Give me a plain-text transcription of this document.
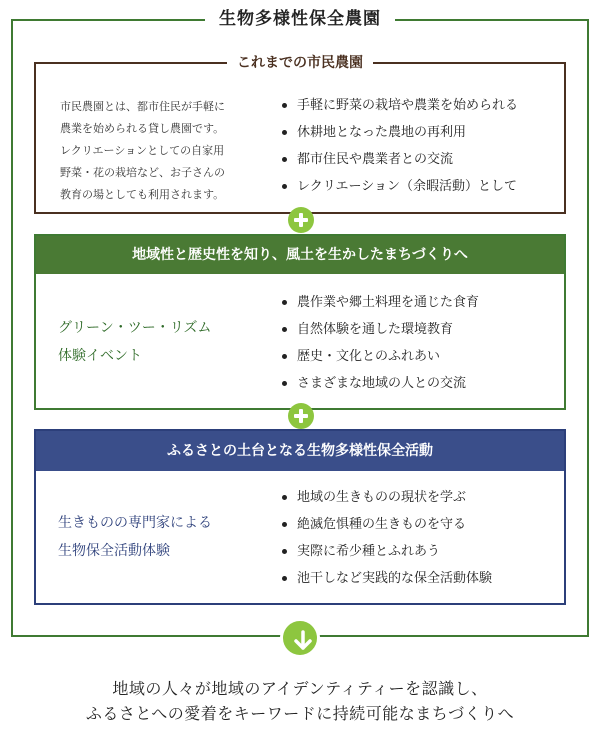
生物多様性保全農園
これまでの市民農園
市民農園とは、都市住民が手軽に
農業を始められる貸し農園です。
レクリエーションとしての自家用
野菜・花の栽培など、お子さんの
教育の場としても利用されます。
手軽に野菜の栽培や農業を始められる
休耕地となった農地の再利用
都市住民や農業者との交流
レクリエーション（余暇活動）として
地域性と歴史性を知り、風土を生かしたまちづくりへ
グリーン・ツー・リズム
体験イベント
農作業や郷土料理を通じた食育
自然体験を通した環境教育
歴史・文化とのふれあい
さまざまな地域の人との交流
ふるさとの土台となる生物多様性保全活動
生きものの専門家による
生物保全活動体験
地域の生きものの現状を学ぶ
絶滅危惧種の生きものを守る
実際に希少種とふれあう
池干しなど実践的な保全活動体験
地域の人々が地域のアイデンティティーを認識し、
ふるさとへの愛着をキーワードに持続可能なまちづくりへ
